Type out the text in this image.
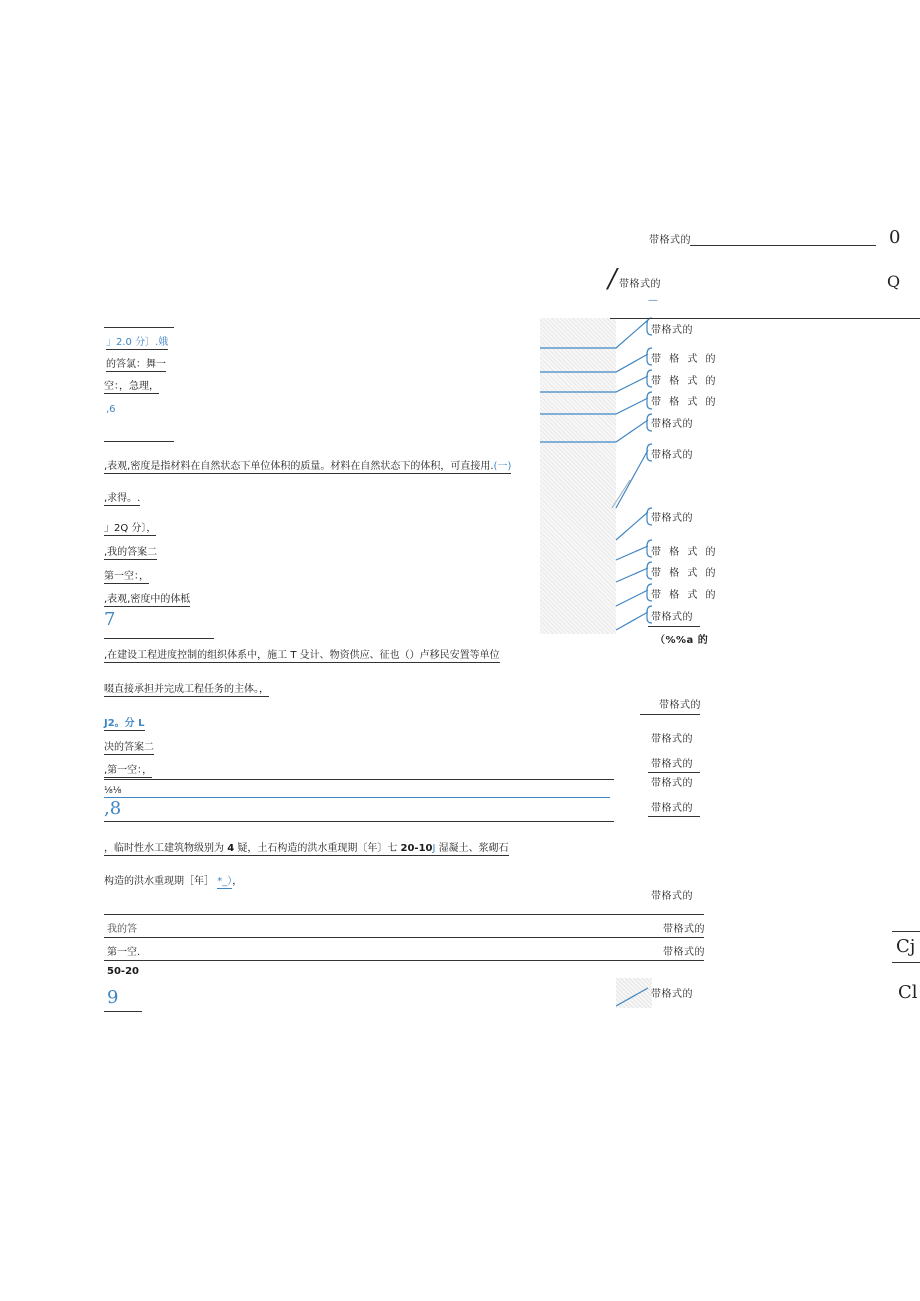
带格式的	0
/ 带格式的	Q
—
带格式的
带 格 式 的
带 格 式 的
带 格 式 的
带格式的
带格式的
带格式的
带 格 式 的
带 格 式 的
带 格 式 的
带格式的
（%%a 的
带格式的
带格式的
带格式的
带格式的
带格式的
带格式的
带格式的
带格式的
带格式的
Cj
Cl
」2.0 分〕.娥
的答氯：舞一
空：，急理，
,6
,表观,密度是指材料在自然状态下单位体积的质量。材料在自然状态下的体积，可直接用.(一)

,求得。.
」2Q 分〕，
,我的答案二
第一空：，
,表观,密度中的体柢
7
,在建设工程进度控制的组织体系中，施工 T 殳计、物资供应、征也（）卢移民安置等单位
啜直接承担并完成工程任务的主体。，
J2。分 L
决的答案二
,第一空：，
⅛⅛
,8
，临时性水工建筑物级别为 4 疑，土石构造的洪水重现期〔年〕七 20-10J 湿凝土、浆砌石
构造的洪水重现期［年］ *_），
我的答
第一空.
50-20
9
